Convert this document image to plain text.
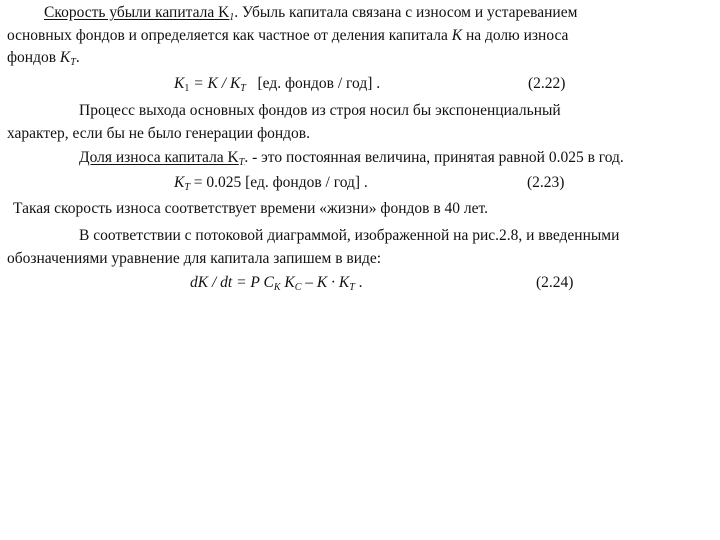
Скорость убыли капитала $K_1$. Убыль капитала связана с износом и устареванием
основных фондов и определяется как частное от деления капитала K на долю износа
фондов $K_T$.
$K_1 = K / K_T$   [ед. фондов / год] .	(2.22)
Процесс выхода основных фондов из строя носил бы экспоненциальный
характер, если бы не было генерации фондов.
Доля износа капитала $K_T$. - это постоянная величина, принятая равной 0.025 в год.
$K_T = 0.025$ [ед. фондов / год] .	(2.23)
Такая скорость износа соответствует времени «жизни» фондов в 40 лет.
В соответствии с потоковой диаграммой, изображенной на рис.2.8, и введенными
обозначениями уравнение для капитала запишем в виде:
dK / dt = P $C_K$ $K_C - K \cdot K_T$ .	(2.24)
